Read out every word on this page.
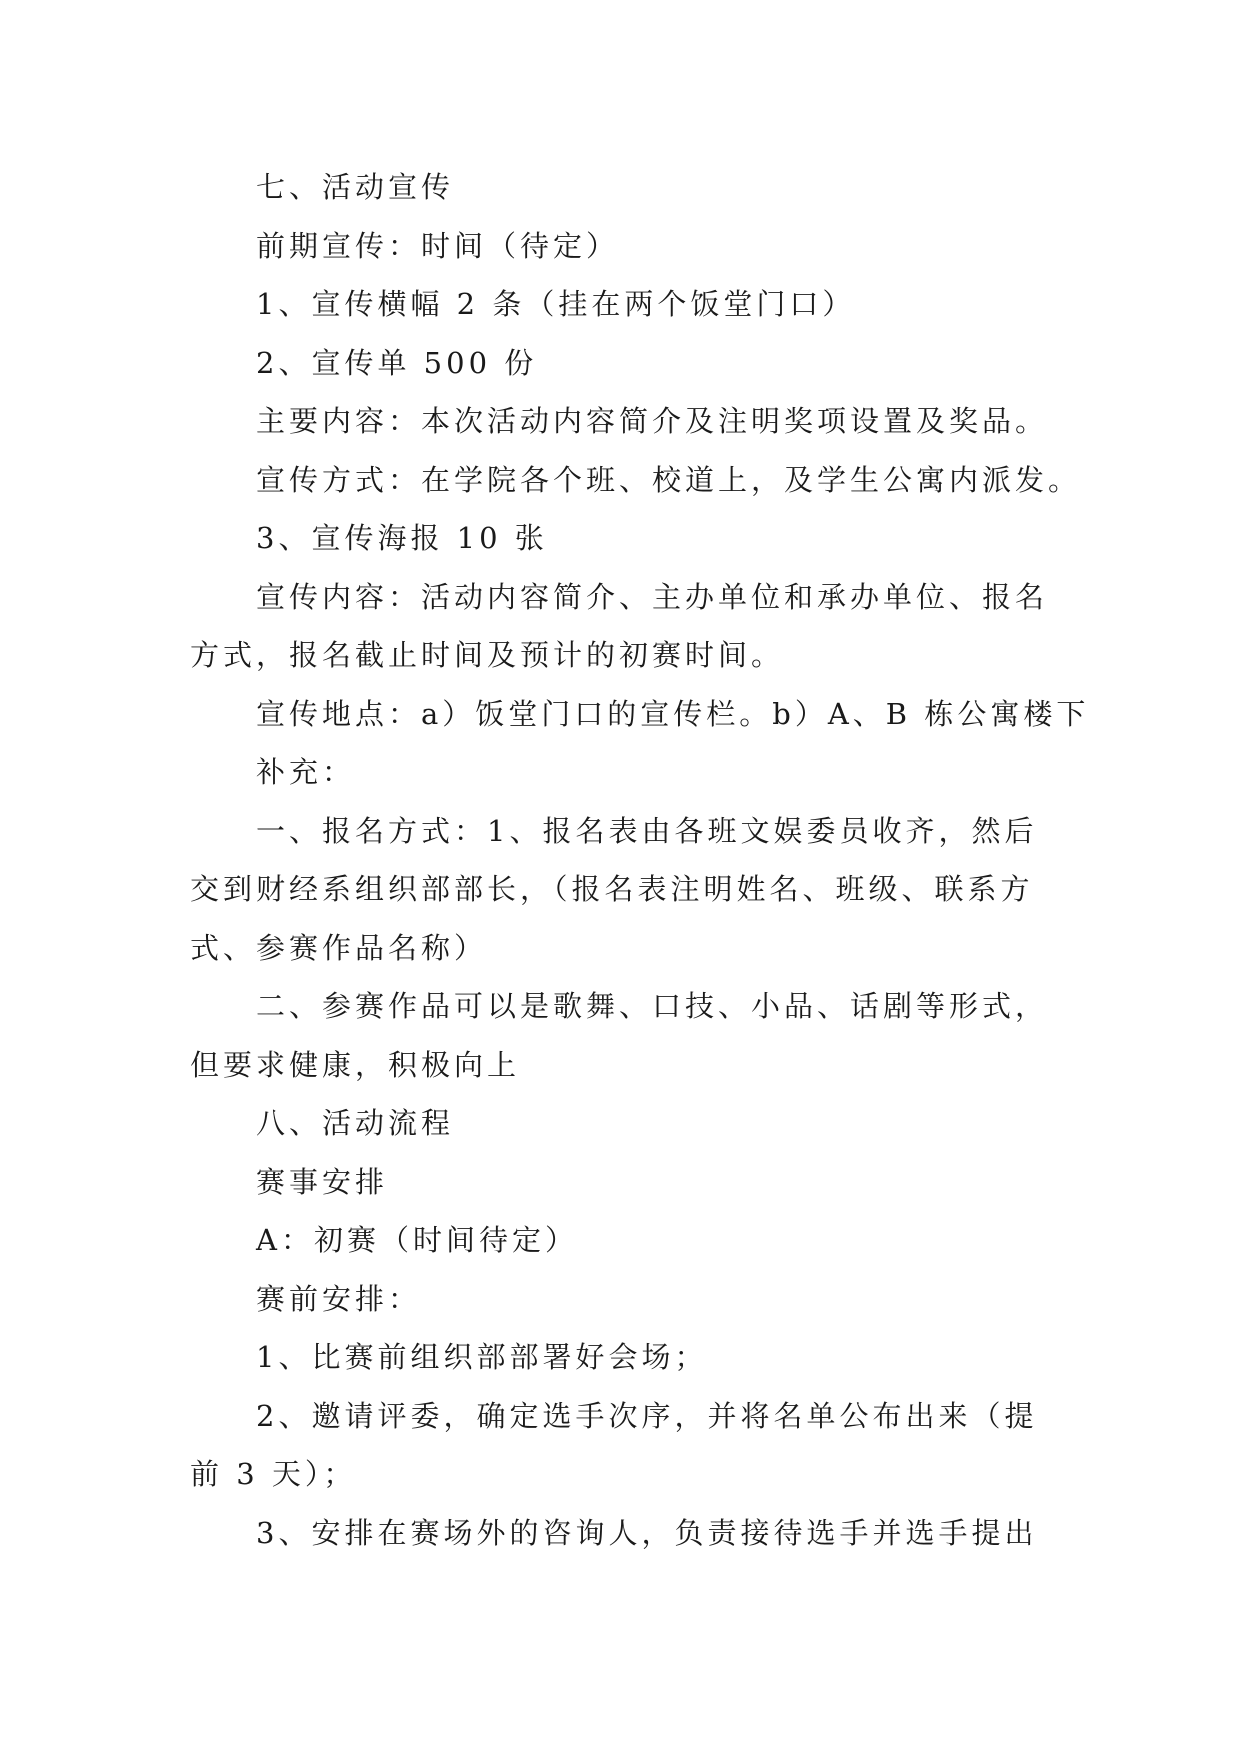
七、活动宣传
前期宣传：时间（待定）
1、宣传横幅 2 条（挂在两个饭堂门口）
2、宣传单 500 份
主要内容：本次活动内容简介及注明奖项设置及奖品。
宣传方式：在学院各个班、校道上，及学生公寓内派发。
3、宣传海报 10 张
宣传内容：活动内容简介、主办单位和承办单位、报名
方式，报名截止时间及预计的初赛时间。
宣传地点：a）饭堂门口的宣传栏。b）A、B 栋公寓楼下
补充：
一、报名方式：1、报名表由各班文娱委员收齐，然后
交到财经系组织部部长，（报名表注明姓名、班级、联系方
式、参赛作品名称）
二、参赛作品可以是歌舞、口技、小品、话剧等形式，
但要求健康，积极向上
八、活动流程
赛事安排
A：初赛（时间待定）
赛前安排：
1、比赛前组织部部署好会场；
2、邀请评委，确定选手次序，并将名单公布出来（提
前 3 天）；
3、安排在赛场外的咨询人，负责接待选手并选手提出
